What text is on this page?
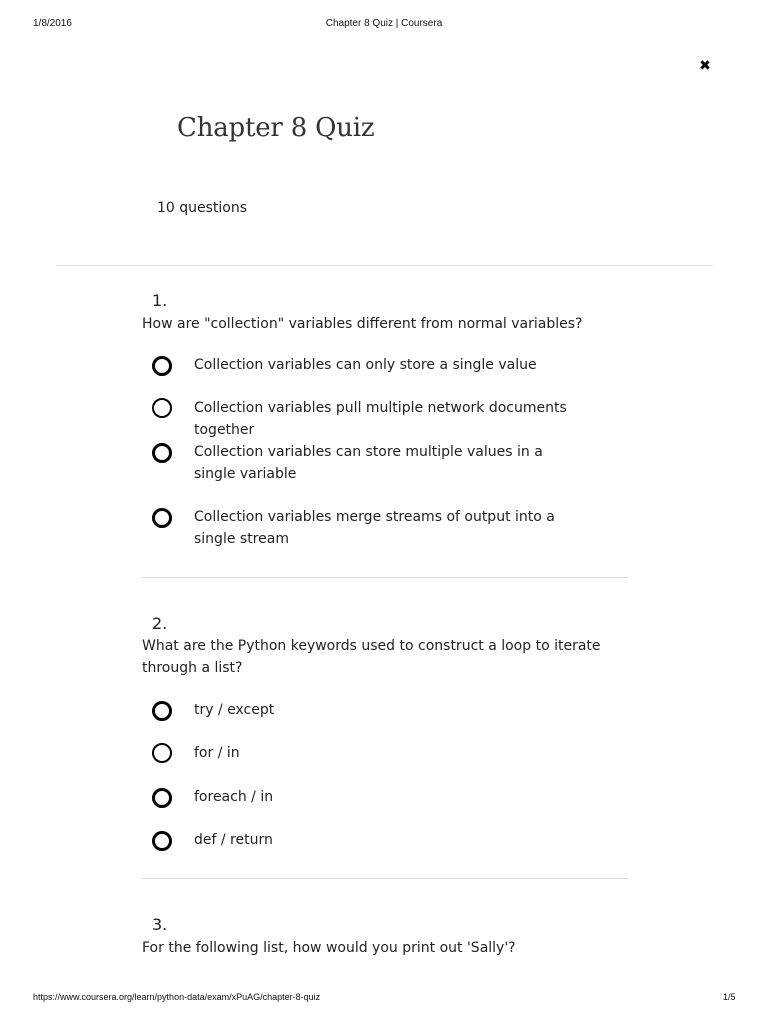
1/8/2016	Chapter 8 Quiz | Coursera
✖
Chapter 8 Quiz
10 questions
1.
How are "collection" variables different from normal variables?
Collection variables can only store a single value
Collection variables pull multiple network documents together
Collection variables can store multiple values in a single variable
Collection variables merge streams of output into a single stream
2.
What are the Python keywords used to construct a loop to iterate through a list?
try / except
for / in
foreach / in
def / return
3.
For the following list, how would you print out 'Sally'?
https://www.coursera.org/learn/python-data/exam/xPuAG/chapter-8-quiz	1/5
